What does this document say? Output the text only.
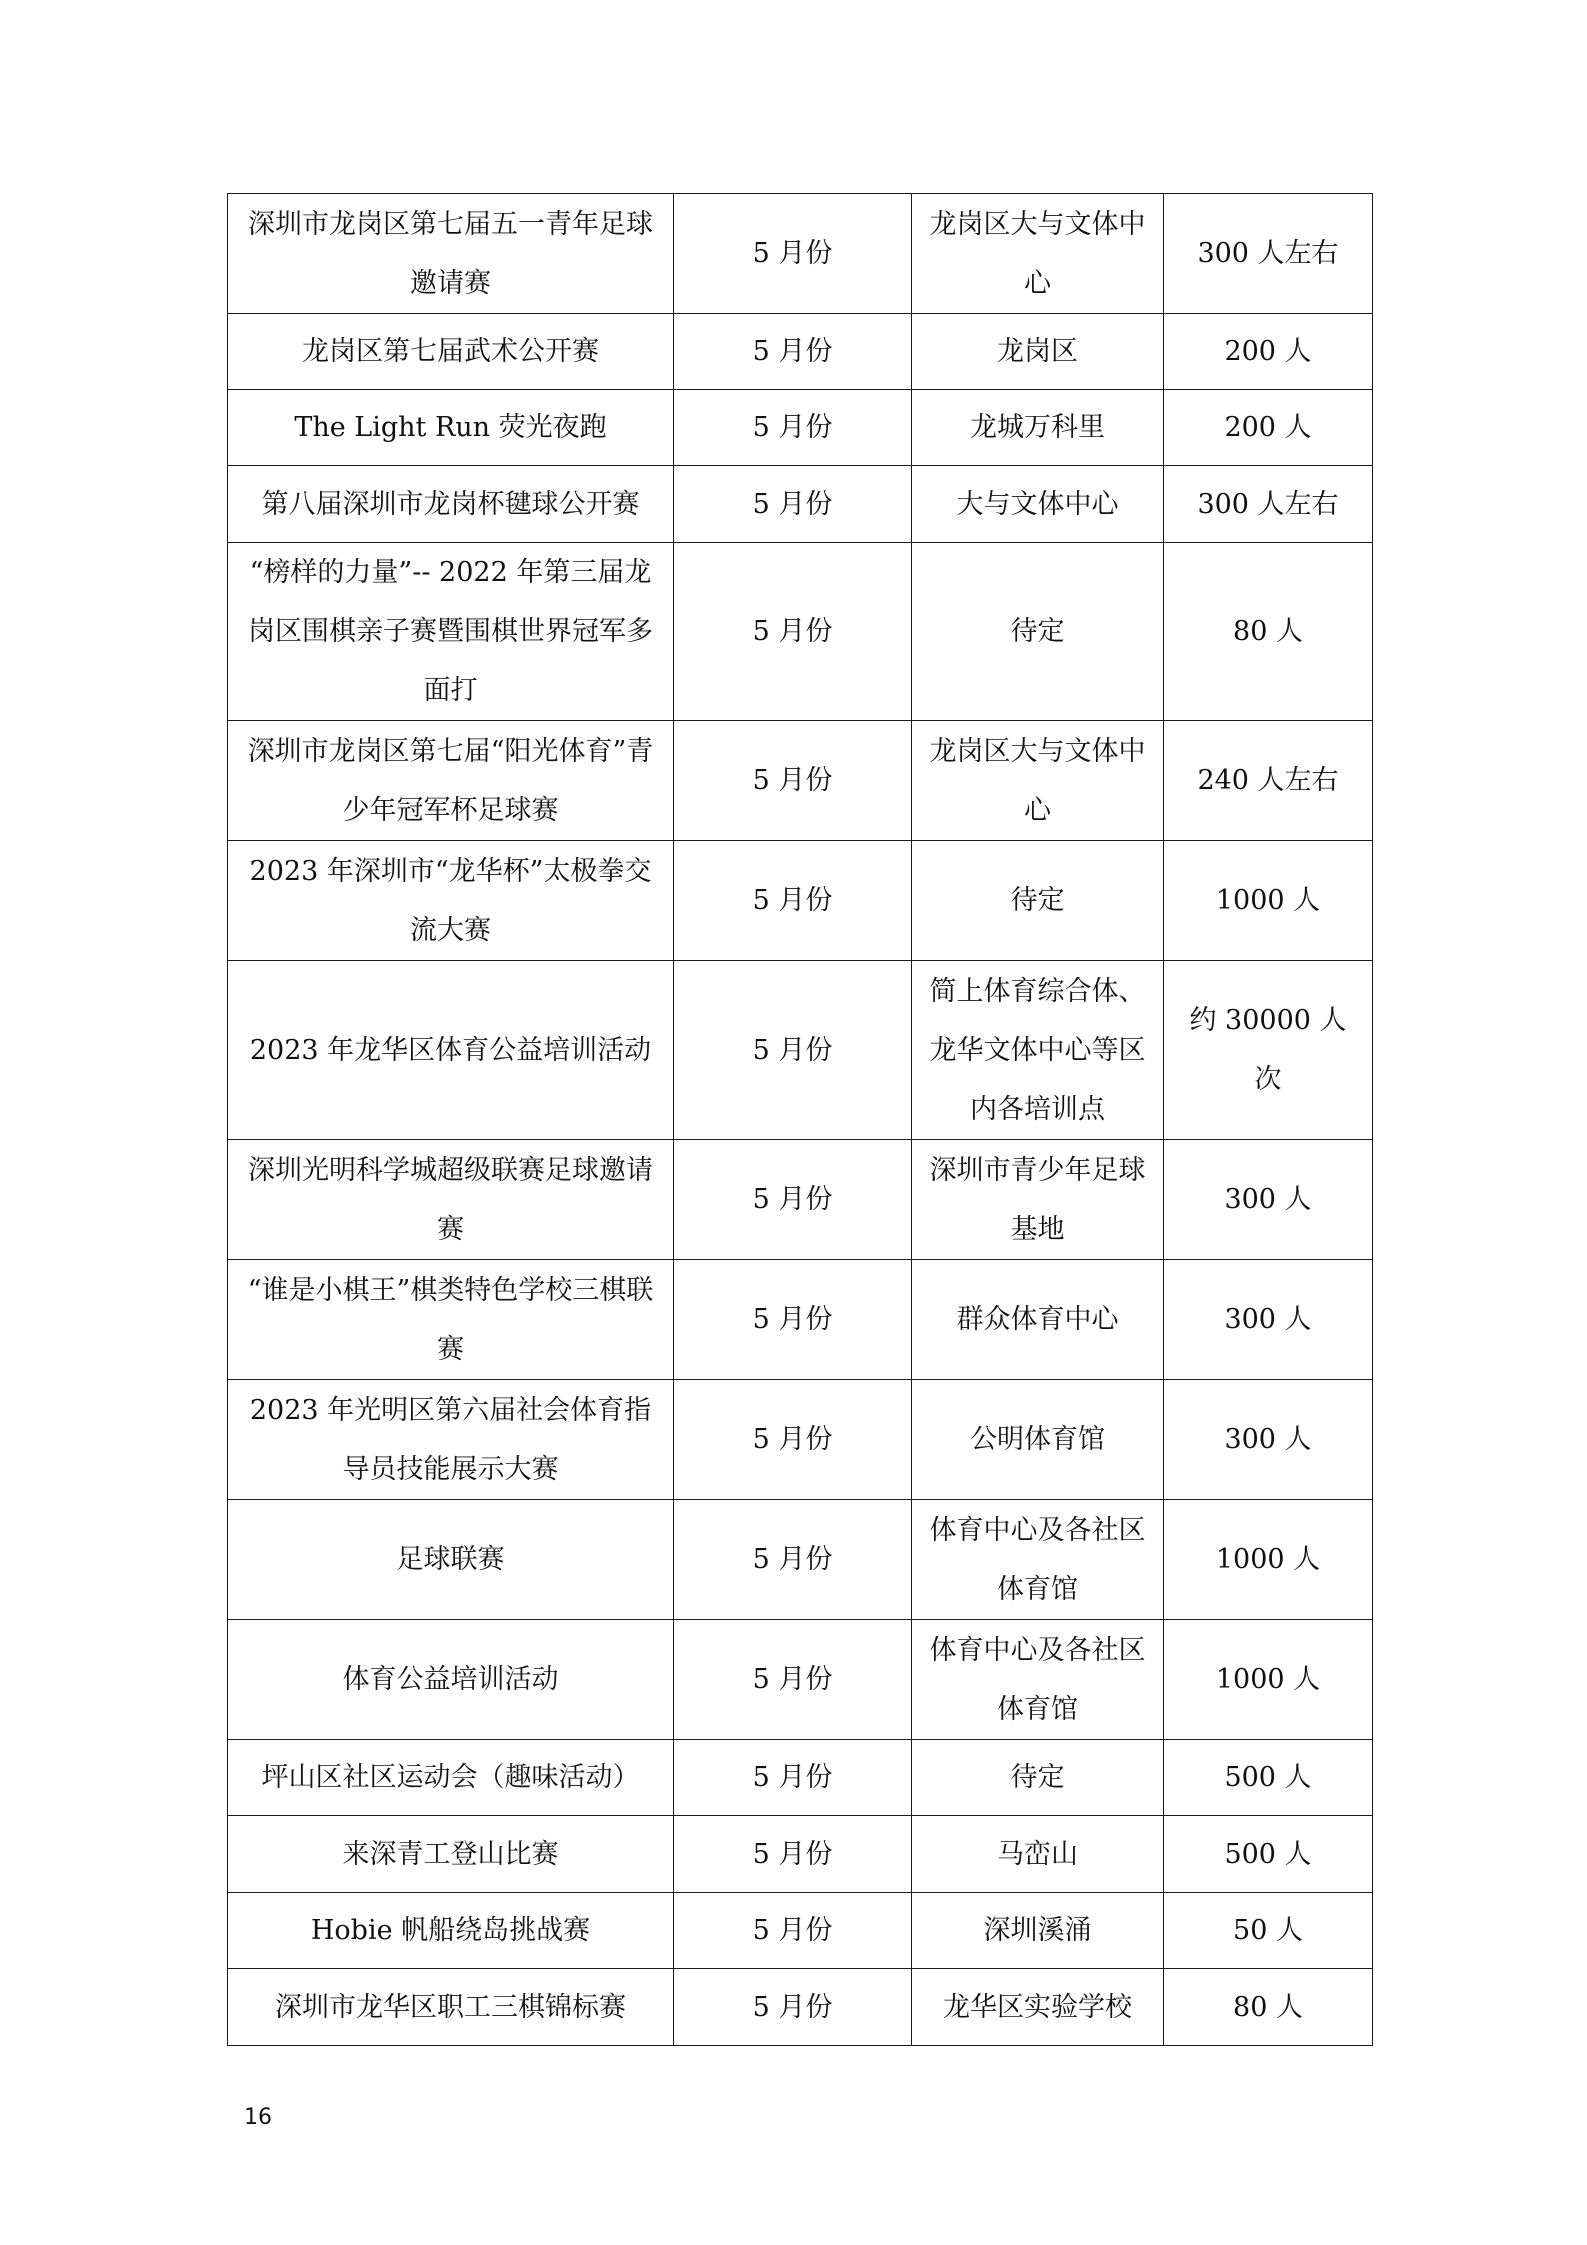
深圳市龙岗区第七届五一青年足球邀请赛	5 月份	龙岗区大与文体中心	300 人左右
龙岗区第七届武术公开赛	5 月份	龙岗区	200 人
The Light Run 荧光夜跑	5 月份	龙城万科里	200 人
第八届深圳市龙岗杯毽球公开赛	5 月份	大与文体中心	300 人左右
“榜样的力量”-- 2022 年第三届龙岗区围棋亲子赛暨围棋世界冠军多面打	5 月份	待定	80 人
深圳市龙岗区第七届“阳光体育”青少年冠军杯足球赛	5 月份	龙岗区大与文体中心	240 人左右
2023 年深圳市“龙华杯”太极拳交流大赛	5 月份	待定	1000 人
2023 年龙华区体育公益培训活动	5 月份	简上体育综合体、龙华文体中心等区内各培训点	约 30000 人次
深圳光明科学城超级联赛足球邀请赛	5 月份	深圳市青少年足球基地	300 人
“谁是小棋王”棋类特色学校三棋联赛	5 月份	群众体育中心	300 人
2023 年光明区第六届社会体育指导员技能展示大赛	5 月份	公明体育馆	300 人
足球联赛	5 月份	体育中心及各社区体育馆	1000 人
体育公益培训活动	5 月份	体育中心及各社区体育馆	1000 人
坪山区社区运动会（趣味活动）	5 月份	待定	500 人
来深青工登山比赛	5 月份	马峦山	500 人
Hobie 帆船绕岛挑战赛	5 月份	深圳溪涌	50 人
深圳市龙华区职工三棋锦标赛	5 月份	龙华区实验学校	80 人
16
